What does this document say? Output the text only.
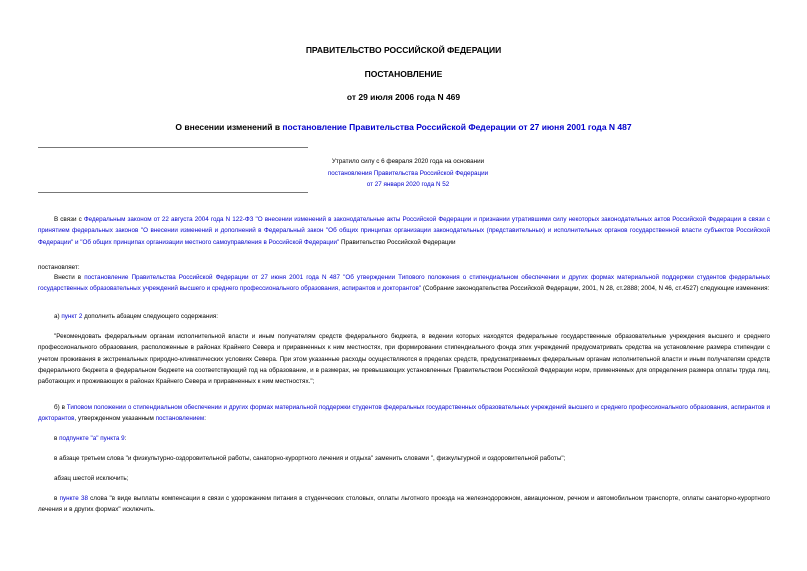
ПРАВИТЕЛЬСТВО РОССИЙСКОЙ ФЕДЕРАЦИИ
ПОСТАНОВЛЕНИЕ
от 29 июля 2006 года N 469
О внесении изменений в постановление Правительства Российской Федерации от 27 июня 2001 года N 487
Утратило силу с 6 февраля 2020 года на основании
постановления Правительства Российской Федерации
от 27 января 2020 года N 52
В связи с Федеральным законом от 22 августа 2004 года N 122-ФЗ "О внесении изменений в законодательные акты Российской Федерации и признании утратившими силу некоторых законодательных актов Российской Федерации в связи с принятием федеральных законов "О внесении изменений и дополнений в Федеральный закон "Об общих принципах организации законодательных (представительных) и исполнительных органов государственной власти субъектов Российской Федерации" и "Об общих принципах организации местного самоуправления в Российской Федерации" Правительство Российской Федерации
постановляет:
Внести в постановление Правительства Российской Федерации от 27 июня 2001 года N 487 "Об утверждении Типового положения о стипендиальном обеспечении и других формах материальной поддержки студентов федеральных государственных образовательных учреждений высшего и среднего профессионального образования, аспирантов и докторантов" (Собрание законодательства Российской Федерации, 2001, N 28, ст.2888; 2004, N 46, ст.4527) следующие изменения:
а) пункт 2 дополнить абзацем следующего содержания:
"Рекомендовать федеральным органам исполнительной власти и иным получателям средств федерального бюджета, в ведении которых находятся федеральные государственные образовательные учреждения высшего и среднего профессионального образования, расположенные в районах Крайнего Севера и приравненных к ним местностях, при формировании стипендиального фонда этих учреждений предусматривать средства на установление размера стипендии с учетом проживания в экстремальных природно-климатических условиях Севера. При этом указанные расходы осуществляются в пределах средств, предусматриваемых федеральным органам исполнительной власти и иным получателям средств федерального бюджета в федеральном бюджете на соответствующий год на образование, и в размерах, не превышающих установленных Правительством Российской Федерации норм, применяемых для определения размера оплаты труда лиц, работающих и проживающих в районах Крайнего Севера и приравненных к ним местностях.";
б) в Типовом положении о стипендиальном обеспечении и других формах материальной поддержки студентов федеральных государственных образовательных учреждений высшего и среднего профессионального образования, аспирантов и докторантов, утвержденном указанным постановлением:
в подпункте "а" пункта 9:
в абзаце третьем слова "и физкультурно-оздоровительной работы, санаторно-курортного лечения и отдыха" заменить словами ", физкультурной и оздоровительной работы";
абзац шестой исключить;
в пункте 38 слова "в виде выплаты компенсации в связи с удорожанием питания в студенческих столовых, оплаты льготного проезда на железнодорожном, авиационном, речном и автомобильном транспорте, оплаты санаторно-курортного лечения и в других формах" исключить.
